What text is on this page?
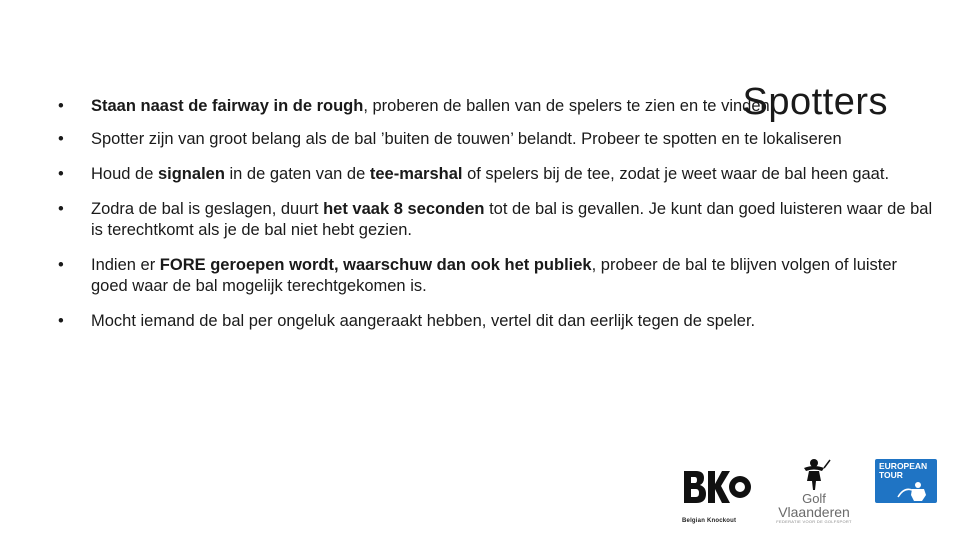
Spotters
•	Staan naast de fairway in de rough, proberen de ballen van de spelers te zien en te vinden
•	Spotter zijn van groot belang als de bal ’buiten de touwen’ belandt. Probeer te spotten en te lokaliseren
•	Houd de signalen in de gaten van de tee-marshal of spelers bij de tee, zodat je weet waar de bal heen gaat.
•	Zodra de bal is geslagen, duurt het vaak 8 seconden tot de bal is gevallen. Je kunt dan goed luisteren waar de bal is terechtkomt als je de bal niet hebt gezien.
•	Indien er FORE geroepen wordt, waarschuw dan ook het publiek, probeer de bal te blijven volgen of luister goed waar de bal mogelijk terechtgekomen is.
•	Mocht iemand de bal per ongeluk aangeraakt hebben, vertel dit dan eerlijk tegen de speler.
Belgian Knockout
Golf
Vlaanderen
FEDERATIE VOOR DE GOLFSPORT
EUROPEAN
TOUR
